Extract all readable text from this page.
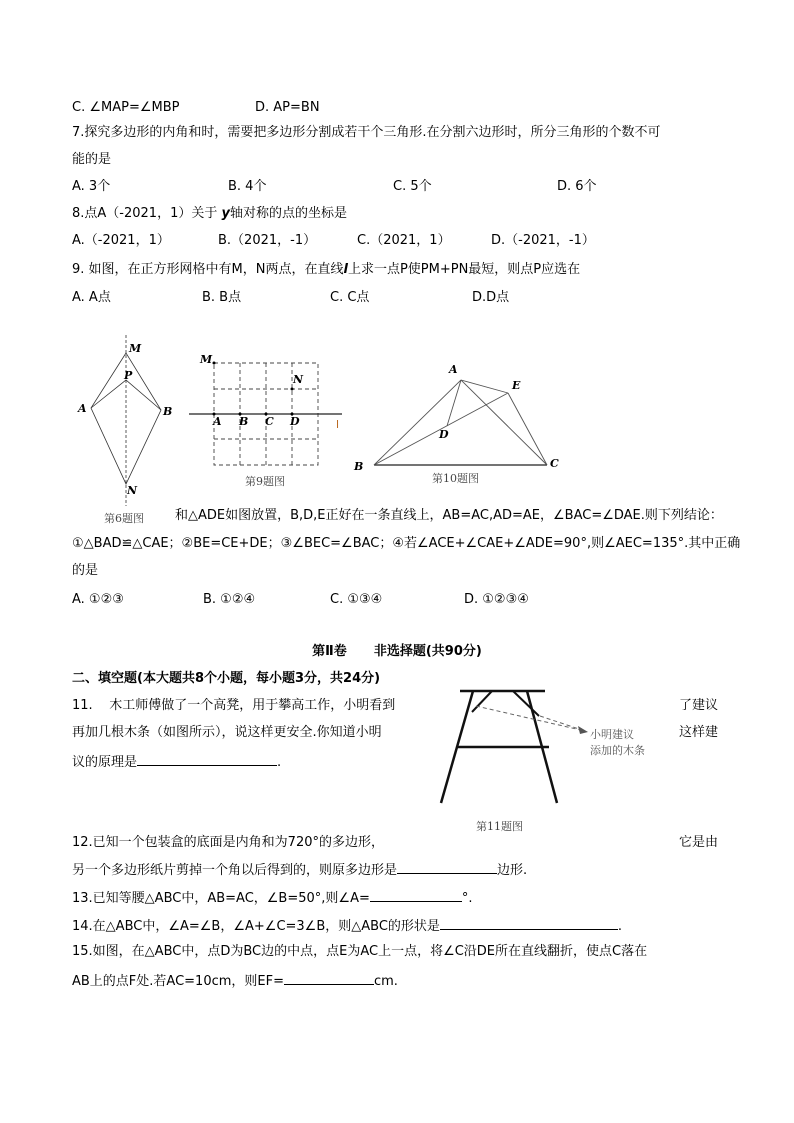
C. ∠MAP=∠MBP	D. AP=BN
7.探究多边形的内角和时，需要把多边形分割成若干个三角形.在分割六边形时，所分三角形的个数不可
能的是
A. 3个	B. 4个	C. 5个	D. 6个
8.点A（-2021，1）关于 y轴对称的点的坐标是
A.（-2021，1）	B.（2021，-1）	C.（2021，1）	D.（-2021，-1）
9. 如图，在正方形网格中有M，N两点，在直线l上求一点P使PM+PN最短，则点P应选在
A. A点	B. B点	C. C点	D.D点
M
P
A	B
N
第6题图
M
N
A B C D	l
第9题图
A
E
D
B	C
第10题图
小明建议
添加的木条
第11题图
和△ADE如图放置，B,D,E正好在一条直线上，AB=AC,AD=AE，∠BAC=∠DAE.则下列结论：
①△BAD≌△CAE；②BE=CE+DE；③∠BEC=∠BAC；④若∠ACE+∠CAE+∠ADE=90°,则∠AEC=135°.其中正确
的是
A. ①②③	B. ①②④	C. ①③④	D. ①②③④
第Ⅱ卷      非选择题(共90分)
二、填空题(本大题共8个小题，每小题3分，共24分)
11.    木工师傅做了一个高凳，用于攀高工作，小明看到	了建议
再加几根木条（如图所示），说这样更安全.你知道小明	这样建
议的原理是	.
12.已知一个包装盒的底面是内角和为720°的多边形，	它是由
另一个多边形纸片剪掉一个角以后得到的，则原多边形是	边形.
13.已知等腰△ABC中，AB=AC，∠B=50°,则∠A=	°.
14.在△ABC中，∠A=∠B，∠A+∠C=3∠B，则△ABC的形状是	.
15.如图，在△ABC中，点D为BC边的中点，点E为AC上一点，将∠C沿DE所在直线翻折，使点C落在
AB上的点F处.若AC=10cm，则EF=	cm.
